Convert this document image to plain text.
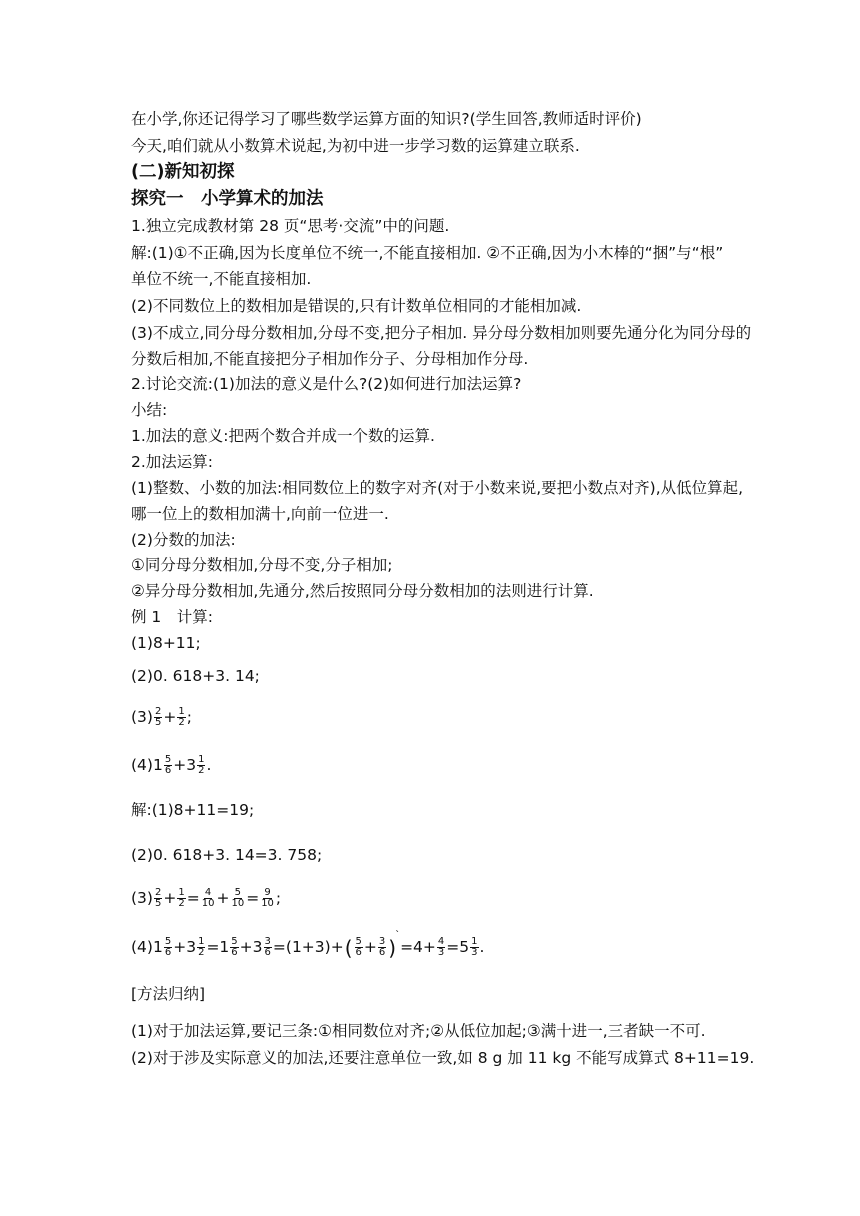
在小学,你还记得学习了哪些数学运算方面的知识?(学生回答,教师适时评价)
今天,咱们就从小数算术说起,为初中进一步学习数的运算建立联系.
(二)新知初探
探究一　小学算术的加法
1.独立完成教材第 28 页“思考·交流”中的问题.
解:(1)①不正确,因为长度单位不统一,不能直接相加. ②不正确,因为小木棒的“捆”与“根”
单位不统一,不能直接相加.
(2)不同数位上的数相加是错误的,只有计数单位相同的才能相加减.
(3)不成立,同分母分数相加,分母不变,把分子相加. 异分母分数相加则要先通分化为同分母的
分数后相加,不能直接把分子相加作分子、分母相加作分母.
2.讨论交流:(1)加法的意义是什么?(2)如何进行加法运算?
小结:
1.加法的意义:把两个数合并成一个数的运算.
2.加法运算:
(1)整数、小数的加法:相同数位上的数字对齐(对于小数来说,要把小数点对齐),从低位算起,
哪一位上的数相加满十,向前一位进一.
(2)分数的加法:
①同分母分数相加,分母不变,分子相加;
②异分母分数相加,先通分,然后按照同分母分数相加的法则进行计算.
例 1　计算:
(1)8+11;
(2)0. 618+3. 14;
$(3) \frac{2}{5} + \frac{1}{2}$ ;
$(4)1 \frac{5}{6} +3 \frac{1}{2}$ .
解:(1)8+11=19;
(2)0. 618+3. 14=3. 758;
$(3) \frac{2}{5} + \frac{1}{2} = \frac{4}{10} + \frac{5}{10} = \frac{9}{10}$ ;
$(4)1 \frac{5}{6} +3 \frac{1}{2} =1 \frac{5}{6} +3 \frac{3}{6} =(1+3)+( \frac{5}{6} + \frac{3}{6} )^`=4+ \frac{4}{3} =5 \frac{1}{3}$ .
[方法归纳]
(1)对于加法运算,要记三条:①相同数位对齐;②从低位加起;③满十进一,三者缺一不可.
(2)对于涉及实际意义的加法,还要注意单位一致,如 8 g 加 11 kg 不能写成算式 8+11=19.
